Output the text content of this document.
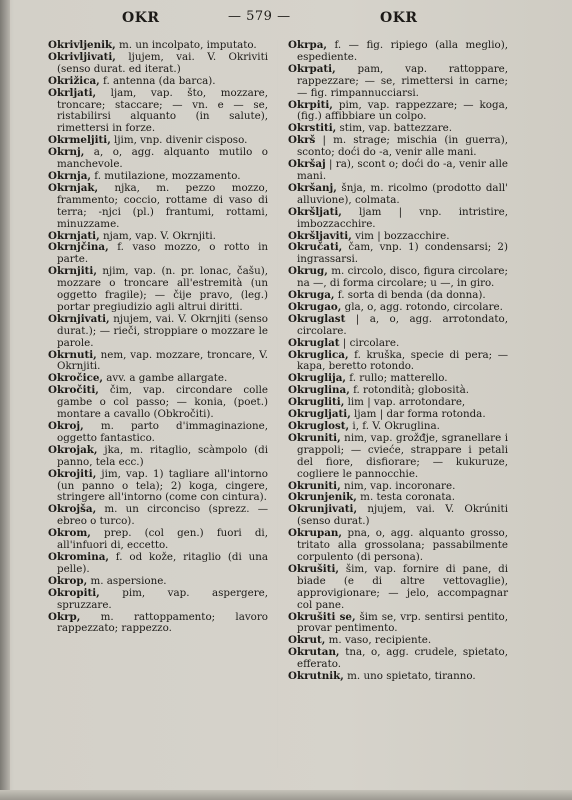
OKR	— 579 —	OKR

Okrivljenik, m. un incolpato, imputato.

Okrivljivati, ljujem, vai. V. Okriviti (senso durat. ed iterat.)

Okrižica, f. antenna (da barca).

Okrljati, ljam, vap. što, mozzare, troncare; staccare; — vn. e — se, ristabilirsi alquanto (in salute), rimettersi in forze.

Okrmeljiti, ljim, vnp. divenir cisposo.

Okrnj, a, o, agg. alquanto mutilo o manchevole.

Okrnja, f. mutilazione, mozzamento.

Okrnjak, njka, m. pezzo mozzo, frammento; coccio, rottame di vaso di terra; -njci (pl.) frantumi, rottami, minuzzame.

Okrnjati, njam, vap. V. Okrnjiti.

Okrnjčina, f. vaso mozzo, o rotto in parte.

Okrnjiti, njim, vap. (n. pr. lonac, čašu), mozzare o troncare all'estremità (un oggetto fragile); — čije pravo, (leg.) portar pregiudizio agli altrui diritti.

Okrnjivati, njujem, vai. V. Okrnjiti (senso durat.); — rieči, stroppiare o mozzare le parole.

Okrnuti, nem, vap. mozzare, troncare, V. Okrnjiti.

Okročice, avv. a gambe allargate.

Okročiti, čim, vap. circondare colle gambe o col passo; — konia, (poet.) montare a cavallo (Obkročiti).

Okroj, m. parto d'immaginazione, oggetto fantastico.

Okrojak, jka, m. ritaglio, scàmpolo (di panno, tela ecc.)

Okrojiti, jim, vap. 1) tagliare all'intorno (un panno o tela); 2) koga, cingere, stringere all'intorno (come con cintura).

Okrojša, m. un circonciso (sprezz. — ebreo o turco).

Okrom, prep. (col gen.) fuori di, all'infuori di, eccetto.

Okromina, f. od kože, ritaglio (di una pelle).

Okrop, m. aspersione.

Okropiti, pim, vap. aspergere, spruzzare.

Okrp, m. rattoppamento; lavoro rappezzato; rappezzo.

Okrpa, f. — fig. ripiego (alla meglio), espediente.

Okrpati, pam, vap. rattoppare, rappezzare; — se, rimettersi in carne; — fig. rimpannucciarsi.

Okrpiti, pim, vap. rappezzare; — koga, (fig.) affibbiare un colpo.

Okrstiti, stim, vap. battezzare.

Okrš | m. strage; mischia (in guerra), sconto; doći do -a, venir alle mani.

Okršaj | ra), scont o; doći do -a, venir alle mani.

Okršanj, šnja, m. ricolmo (prodotto dall' alluvione), colmata.

Okršljati, ljam | vnp. intristire, imbozzacchire.

Okršljaviti, vim | bozzacchire.

Okručati, čam, vnp. 1) condensarsi; 2) ingrassarsi.

Okrug, m. circolo, disco, figura circolare; na —, di forma circolare; u —, in giro.

Okruga, f. sorta di benda (da donna).

Okrugao, gla, o, agg. rotondo, circolare.

Okruglast | a, o, agg. arrotondato, circolare.

Okruglat | circolare.

Okruglica, f. kruška, specie di pera; — kapa, beretto rotondo.

Okruglija, f. rullo; matterello.

Okruglina, f. rotondità; globosità.

Okrugliti, lim | vap. arrotondare,

Okrugljati, ljam | dar forma rotonda.

Okruglost, i, f. V. Okruglina.

Okruniti, nim, vap. grožđje, sgranellare i grappoli; — cvieće, strappare i petali del fiore, disfiorare; — kukuruze, cogliere le pannocchie.

Okruniti, nim, vap. incoronare.

Okrunjenik, m. testa coronata.

Okrunjivati, njujem, vai. V. Okrúniti (senso durat.)

Okrupan, pna, o, agg. alquanto grosso, tritato alla grossolana; passabilmente corpulento (di persona).

Okrušiti, šim, vap. fornire di pane, di biade (e di altre vettovaglie), approvigionare; — jelo, accompagnar col pane.

Okrušiti se, šim se, vrp. sentirsi pentito, provar pentimento.

Okrut, m. vaso, recipiente.

Okrutan, tna, o, agg. crudele, spietato, efferato.

Okrutnik, m. uno spietato, tiranno.
